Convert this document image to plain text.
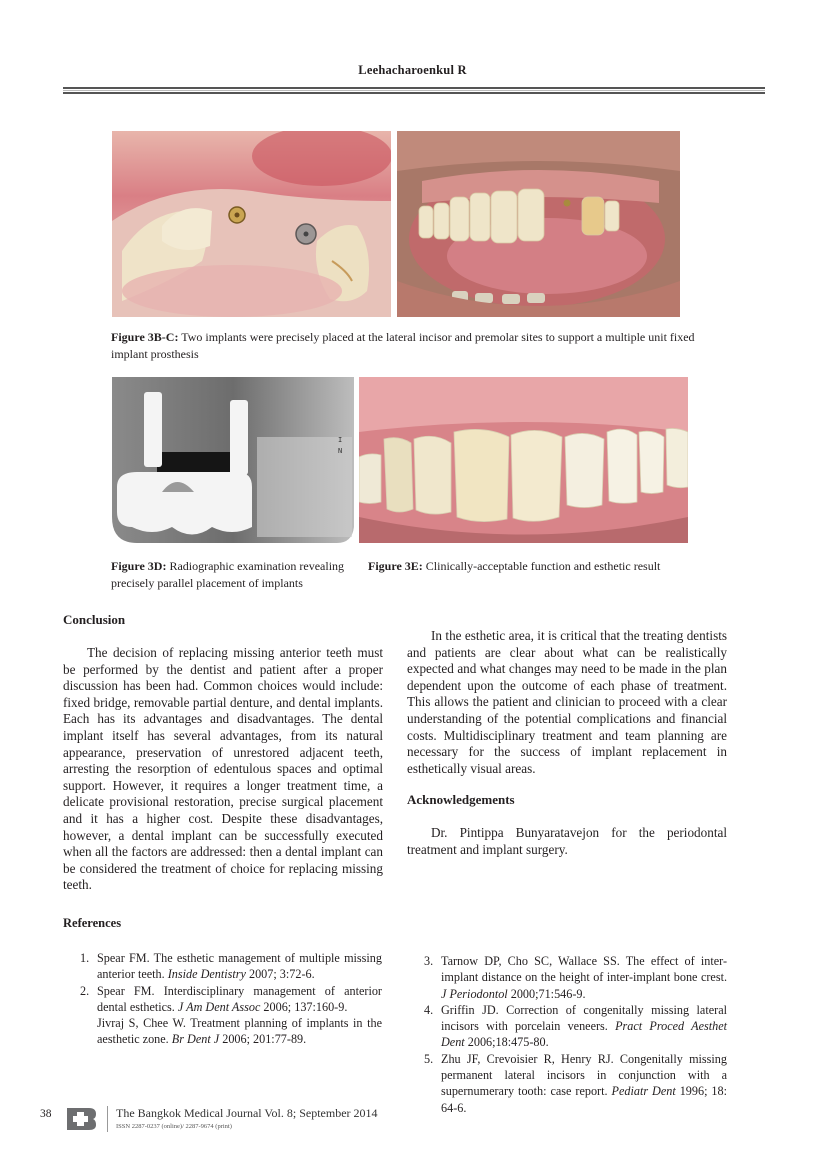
Leehacharoenkul R
Figure 3B-C: Two implants were precisely placed at the lateral incisor and premolar sites to support a multiple unit fixed implant prosthesis
I
N
Figure 3D: Radiographic examination revealing precisely parallel placement of implants
Figure 3E: Clinically-acceptable function and esthetic result
Conclusion

The decision of replacing missing anterior teeth must be performed by the dentist and patient after a proper discussion has been had. Common choices would include: fixed bridge, removable partial denture, and dental implants. Each has its advantages and disadvantages. The dental implant itself has several advantages, from its natural appearance, preservation of unrestored adjacent teeth, arresting the resorption of edentulous spaces and optimal support. However, it requires a longer treatment time, a delicate provisional restoration, precise surgical placement and it has a higher cost. Despite these disadvantages, however, a dental implant can be successfully executed when all the factors are addressed: then a dental implant can be considered the treatment of choice for replacing missing teeth.

In the esthetic area, it is critical that the treating dentists and patients are clear about what can be realistically expected and what changes may need to be made in the plan dependent upon the outcome of each phase of treatment. This allows the patient and clinician to proceed with a clear understanding of the potential complications and financial costs. Multidisciplinary treatment and team planning are necessary for the success of implant replacement in esthetically visual areas.

Acknowledgements

Dr. Pintippa Bunyaratavejon for the periodontal treatment and implant surgery.

References
1. Spear FM. The esthetic management of multiple missing anterior teeth. Inside Dentistry 2007; 3:72-6.
2. Spear FM. Interdisciplinary management of anterior dental esthetics. J Am Dent Assoc 2006; 137:160-9.
Jivraj S, Chee W. Treatment planning of implants in the aesthetic zone. Br Dent J 2006; 201:77-89.
3. Tarnow DP, Cho SC, Wallace SS. The effect of inter-implant distance on the height of inter-implant bone crest. J Periodontol 2000;71:546-9.
4. Griffin JD. Correction of congenitally missing lateral incisors with porcelain veneers. Pract Proced Aesthet Dent 2006;18:475-80.
5. Zhu JF, Crevoisier R, Henry RJ. Congenitally missing permanent lateral incisors in conjunction with a supernumerary tooth: case report. Pediatr Dent 1996; 18: 64-6.
38	The Bangkok Medical Journal Vol. 8; September 2014
ISSN 2287-0237 (online)/ 2287-9674 (print)
